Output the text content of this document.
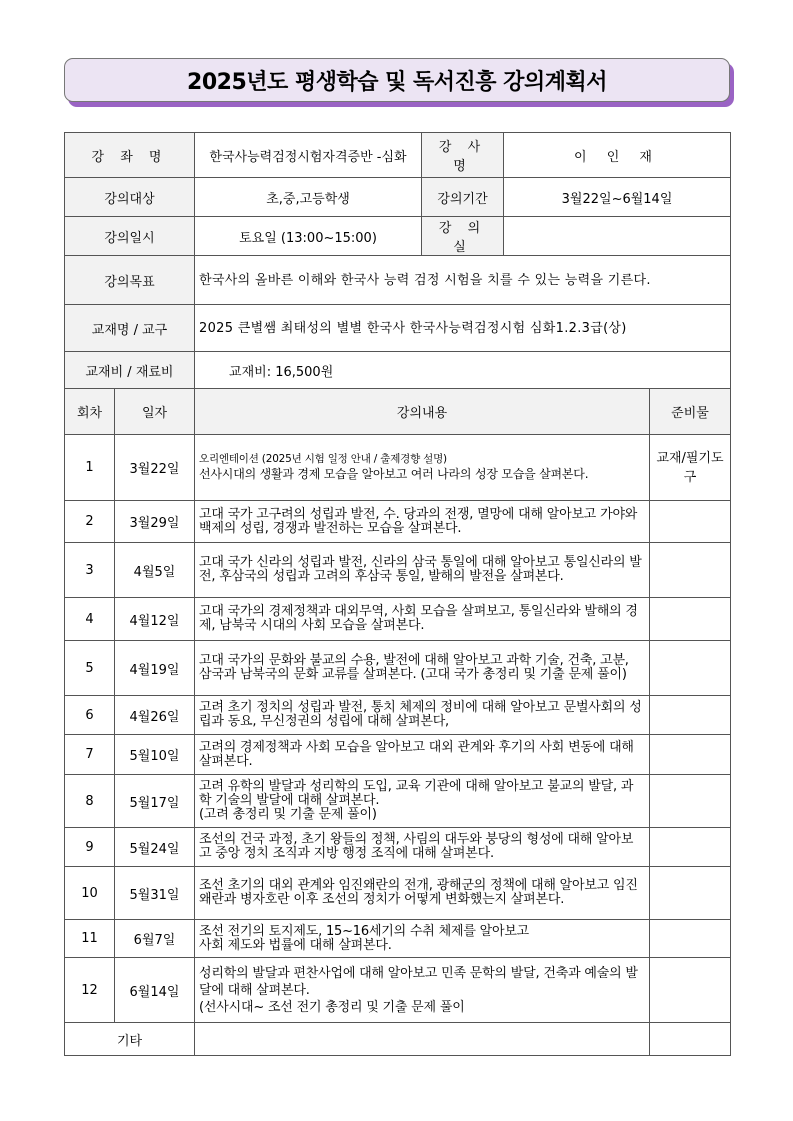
2025년도 평생학습 및 독서진흥 강의계획서
강 좌 명		한국사능력검정시험자격증반 -심화	강 사 명	이 인 재	
강의대상		초,중,고등학생	강의기간	3월22일~6월14일	
강의일시		토요일 (13:00~15:00)	강 의 실		
강의목표		한국사의 올바른 이해와 한국사 능력 검정 시험을 치를 수 있는 능력을 기른다.			
교재명 / 교구		2025 큰별쌤 최태성의 별별 한국사 한국사능력검정시험 심화1.2.3급(상)			
교재비 / 재료비		교재비: 16,500원			
회차	일자	강의내용			준비물
1	3월22일	오리엔테이션 (2025년 시험 일정 안내 / 출제경향 설명)
선사시대의 생활과 경제 모습을 알아보고 여러 나라의 성장 모습을 살펴본다.			교재/필기도구
2	3월29일	고대 국가 고구려의 성립과 발전, 수. 당과의 전쟁, 멸망에 대해 알아보고 가야와 백제의 성립, 경쟁과 발전하는 모습을 살펴본다.			
3	4월5일	고대 국가 신라의 성립과 발전, 신라의 삼국 통일에 대해 알아보고 통일신라의 발전, 후삼국의 성립과 고려의 후삼국 통일, 발해의 발전을 살펴본다.			
4	4월12일	고대 국가의 경제정책과 대외무역, 사회 모습을 살펴보고, 통일신라와 발해의 경제, 남북국 시대의 사회 모습을 살펴본다.			
5	4월19일	고대 국가의 문화와 불교의 수용, 발전에 대해 알아보고 과학 기술, 건축, 고분, 삼국과 남북국의 문화 교류를 살펴본다. (고대 국가 총정리 및 기출 문제 풀이)			
6	4월26일	고려 초기 정치의 성립과 발전, 통치 체제의 정비에 대해 알아보고 문벌사회의 성립과 동요, 무신정권의 성립에 대해 살펴본다,			
7	5월10일	고려의 경제정책과 사회 모습을 알아보고 대외 관계와 후기의 사회 변동에 대해 살펴본다.			
8	5월17일	고려 유학의 발달과 성리학의 도입, 교육 기관에 대해 알아보고 불교의 발달, 과학 기술의 발달에 대해 살펴본다.
(고려 총정리 및 기출 문제 풀이)			

9	5월24일	조선의 건국 과정, 초기 왕들의 정책, 사림의 대두와 붕당의 형성에 대해 알아보고 중앙 정치 조직과 지방 행정 조직에 대해 살펴본다.			
10	5월31일	조선 초기의 대외 관계와 임진왜란의 전개, 광해군의 정책에 대해 알아보고 임진왜란과 병자호란 이후 조선의 정치가 어떻게 변화했는지 살펴본다.			
11	6월7일	조선 전기의 토지제도, 15~16세기의 수취 체제를 알아보고
사회 제도와 법률에 대해 살펴본다.			

12	6월14일	성리학의 발달과 편찬사업에 대해 알아보고 민족 문학의 발달, 건축과 예술의 발달에 대해 살펴본다.
(선사시대~ 조선 전기 총정리 및 기출 문제 풀이			

기타					
